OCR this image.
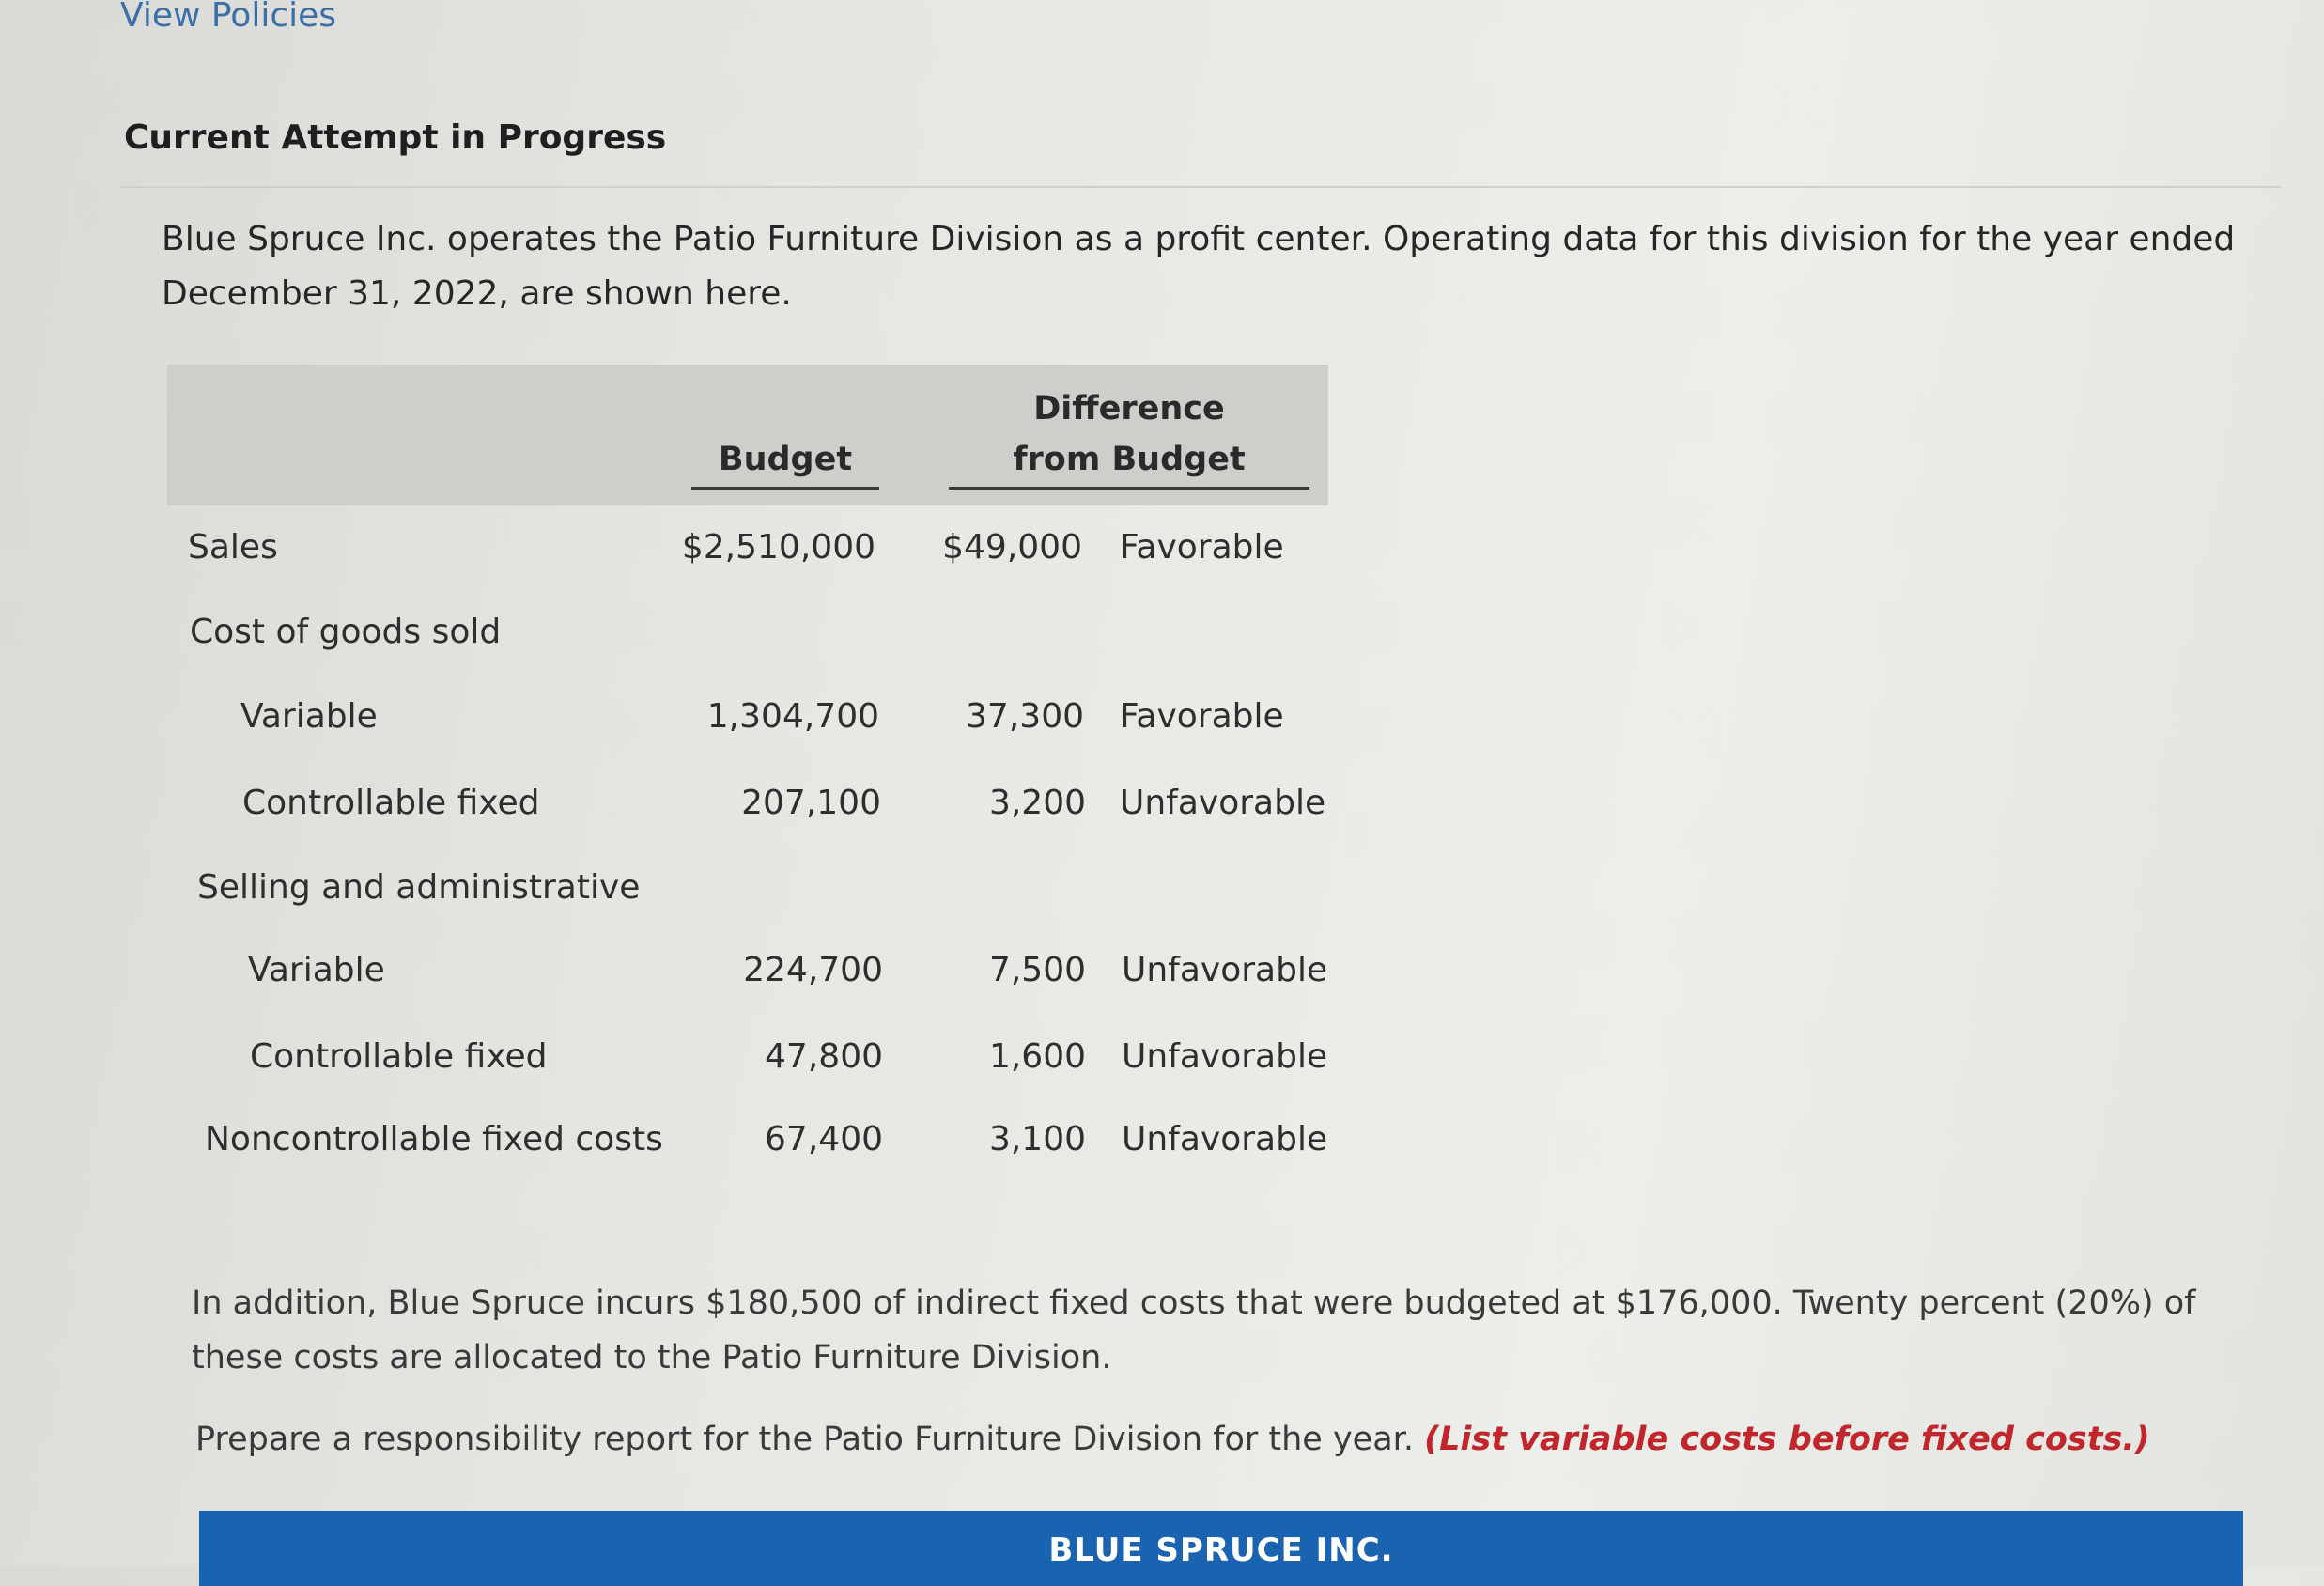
View Policies
Current Attempt in Progress
Blue Spruce Inc. operates the Patio Furniture Division as a profit center. Operating data for this division for the year ended December 31, 2022, are shown here.
Budget
Difference
from Budget
Sales	$2,510,000	$49,000 Favorable
Cost of goods sold
Variable	1,304,700	37,300 Favorable
Controllable fixed	207,100	3,200 Unfavorable
Selling and administrative
Variable	224,700	7,500 Unfavorable
Controllable fixed	47,800	1,600 Unfavorable
Noncontrollable fixed costs	67,400	3,100 Unfavorable
In addition, Blue Spruce incurs $180,500 of indirect fixed costs that were budgeted at $176,000. Twenty percent (20%) of these costs are allocated to the Patio Furniture Division.
Prepare a responsibility report for the Patio Furniture Division for the year. (List variable costs before fixed costs.)
BLUE SPRUCE INC.
